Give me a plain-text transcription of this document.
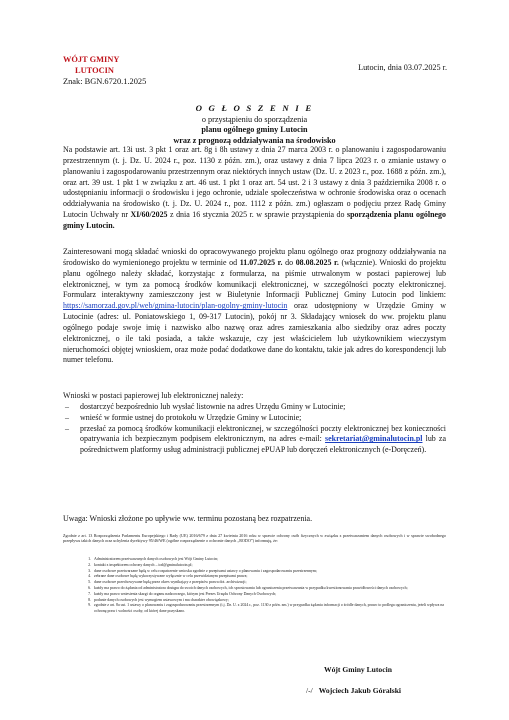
WÓJT GMINY
LUTOCIN
Znak: BGN.6720.1.2025
Lutocin, dnia 03.07.2025 r.
O G Ł O S Z E N I E
o przystąpieniu do sporządzenia
planu ogólnego gminy Lutocin
wraz z prognozą oddziaływania na środowisko
Na podstawie art. 13i ust. 3 pkt 1 oraz art. 8g i 8h ustawy z dnia 27 marca 2003 r. o planowaniu i zagospodarowaniu przestrzennym (t. j. Dz. U. 2024 r., poz. 1130 z późn. zm.), oraz ustawy z dnia 7 lipca 2023 r. o zmianie ustawy o planowaniu i zagospodarowaniu przestrzennym oraz niektórych innych ustaw (Dz. U. z 2023 r., poz. 1688 z późn. zm.), oraz art. 39 ust. 1 pkt 1 w związku z art. 46 ust. 1 pkt 1 oraz art. 54 ust. 2 i 3 ustawy z dnia 3 października 2008 r. o udostępnianiu informacji o środowisku i jego ochronie, udziale społeczeństwa w ochronie środowiska oraz o ocenach oddziaływania na środowisko (t. j. Dz. U. 2024 r., poz. 1112 z późn. zm.) ogłaszam o podjęciu przez Radę Gminy Lutocin Uchwały nr XI/60/2025 z dnia 16 stycznia 2025 r. w sprawie przystąpienia do sporządzenia planu ogólnego gminy Lutocin.
Zainteresowani mogą składać wnioski do opracowywanego projektu planu ogólnego oraz prognozy oddziaływania na środowisko do wymienionego projektu w terminie od 11.07.2025 r. do 08.08.2025 r. (włącznie). Wnioski do projektu planu ogólnego należy składać, korzystając z formularza, na piśmie utrwalonym w postaci papierowej lub elektronicznej, w tym za pomocą środków komunikacji elektronicznej, w szczególności poczty elektronicznej. Formularz interaktywny zamieszczony jest w Biuletynie Informacji Publicznej Gminy Lutocin pod linkiem: https://samorzad.gov.pl/web/gmina-lutocin/plan-ogolny-gminy-lutocin oraz udostępniony w Urzędzie Gminy w Lutocinie (adres: ul. Poniatowskiego 1, 09-317 Lutocin), pokój nr 3. Składający wniosek do ww. projektu planu ogólnego podaje swoje imię i nazwisko albo nazwę oraz adres zamieszkania albo siedziby oraz adres poczty elektronicznej, o ile taki posiada, a także wskazuje, czy jest właścicielem lub użytkownikiem wieczystym nieruchomości objętej wnioskiem, oraz może podać dodatkowe dane do kontaktu, takie jak adres do korespondencji lub numer telefonu.

Wnioski w postaci papierowej lub elektronicznej należy:

– dostarczyć bezpośrednio lub wysłać listownie na adres Urzędu Gminy w Lutocinie;
– wnieść w formie ustnej do protokołu w Urzędzie Gminy w Lutocinie;
– przesłać za pomocą środków komunikacji elektronicznej, w szczególności poczty elektronicznej bez konieczności opatrywania ich bezpiecznym podpisem elektronicznym, na adres e-mail: sekretariat@gminalutocin.pl lub za pośrednictwem platformy usług administracji publicznej ePUAP lub doręczeń elektronicznych (e-Doręczeń).
Uwaga: Wnioski złożone po upływie ww. terminu pozostaną bez rozpatrzenia.
Zgodnie z art. 13 Rozporządzenia Parlamentu Europejskiego i Rady (UE) 2016/679 z dnia 27 kwietnia 2016 roku w sprawie ochrony osób fizycznych w związku z przetwarzaniem danych osobowych i w sprawie swobodnego przepływu takich danych oraz uchylenia dyrektywy 95/46/WE (ogólne rozporządzenie o ochronie danych „RODO”) informuję, że:
1. Administratorem przetwarzanych danych osobowych jest Wójt Gminy Lutocin;
2. kontakt z inspektorem ochrony danych – iod@gminalutocin.pl;
3. dane osobowe przetwarzane będą w celu rozpatrzenie wniosku zgodnie z przepisami ustawy o planowaniu i zagospodarowaniu przestrzennym;
4. zebrane dane osobowe będą wykorzystywane wyłącznie w celu przewidzianym przepisami prawa;
5. dane osobowe przechowywane będą przez okres wynikający z przepisów prawa dot. archiwizacji;
6. każdy ma prawo do żądania od administratora dostępu do swoich danych osobowych, ich sprostowania lub ograniczenia przetwarzania w przypadku kwestionowania prawidłowości danych osobowych;
7. każdy ma prawo wniesienia skargi do organu nadzorczego, którym jest Prezes Urzędu Ochrony Danych Osobowych;
8. podanie danych osobowych jest wymogiem ustawowym i ma charakter obowiązkowy;
9. zgodnie z art. 8a ust. 1 ustawy o planowaniu i zagospodarowaniu przestrzennym (t.j. Dz. U. z 2024 r., poz. 1130 z późn. zm.) w przypadku żądania informacji o źródle danych, prawo to podlega ograniczeniu, jeżeli wpływa na ochronę praw i wolności osoby, od której dane pozyskano.
Wójt Gminy Lutocin
/-/ Wojciech Jakub Góralski
